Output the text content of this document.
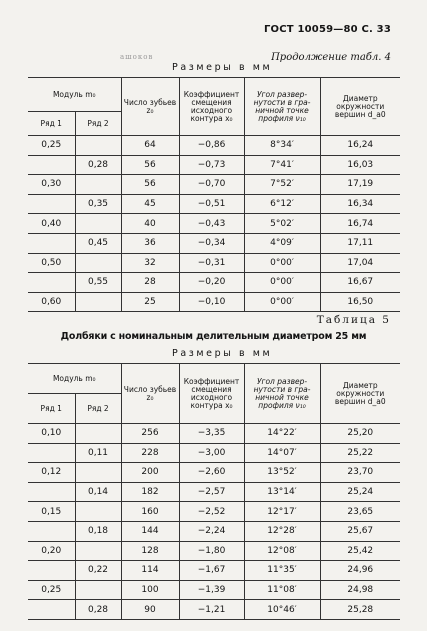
ГОСТ 10059—80 С. 33
Продолжение табл. 4
ашоков
Размеры в мм
Модуль m₀		Число зубьев z₀	Коэффициент смещения исходного контура x₀	Угол развер-нутости в гра-ничной точке профиля ν₁₀	Диаметр окружности вершин d_a0
Ряд 1	Ряд 2				
0,25		64	−0,86	8°34′	16,24
	0,28	56	−0,73	7°41′	16,03
0,30		56	−0,70	7°52′	17,19
	0,35	45	−0,51	6°12′	16,34
0,40		40	−0,43	5°02′	16,74
	0,45	36	−0,34	4°09′	17,11
0,50		32	−0,31	0°00′	17,04
	0,55	28	−0,20	0°00′	16,67
0,60		25	−0,10	0°00′	16,50
Таблица 5
Долбяки с номинальным делительным диаметром 25 мм
Размеры в мм
Модуль m₀		Число зубьев z₀	Коэффициент смещения исходного контура x₀	Угол развер-нутости в гра-ничной точке профиля ν₁₀	Диаметр окружности вершин d_a0
Ряд 1	Ряд 2				
0,10		256	−3,35	14°22′	25,20
	0,11	228	−3,00	14°07′	25,22
0,12		200	−2,60	13°52′	23,70
	0,14	182	−2,57	13°14′	25,24
0,15		160	−2,52	12°17′	23,65
	0,18	144	−2,24	12°28′	25,67
0,20		128	−1,80	12°08′	25,42
	0,22	114	−1,67	11°35′	24,96
0,25		100	−1,39	11°08′	24,98
	0,28	90	−1,21	10°46′	25,28
